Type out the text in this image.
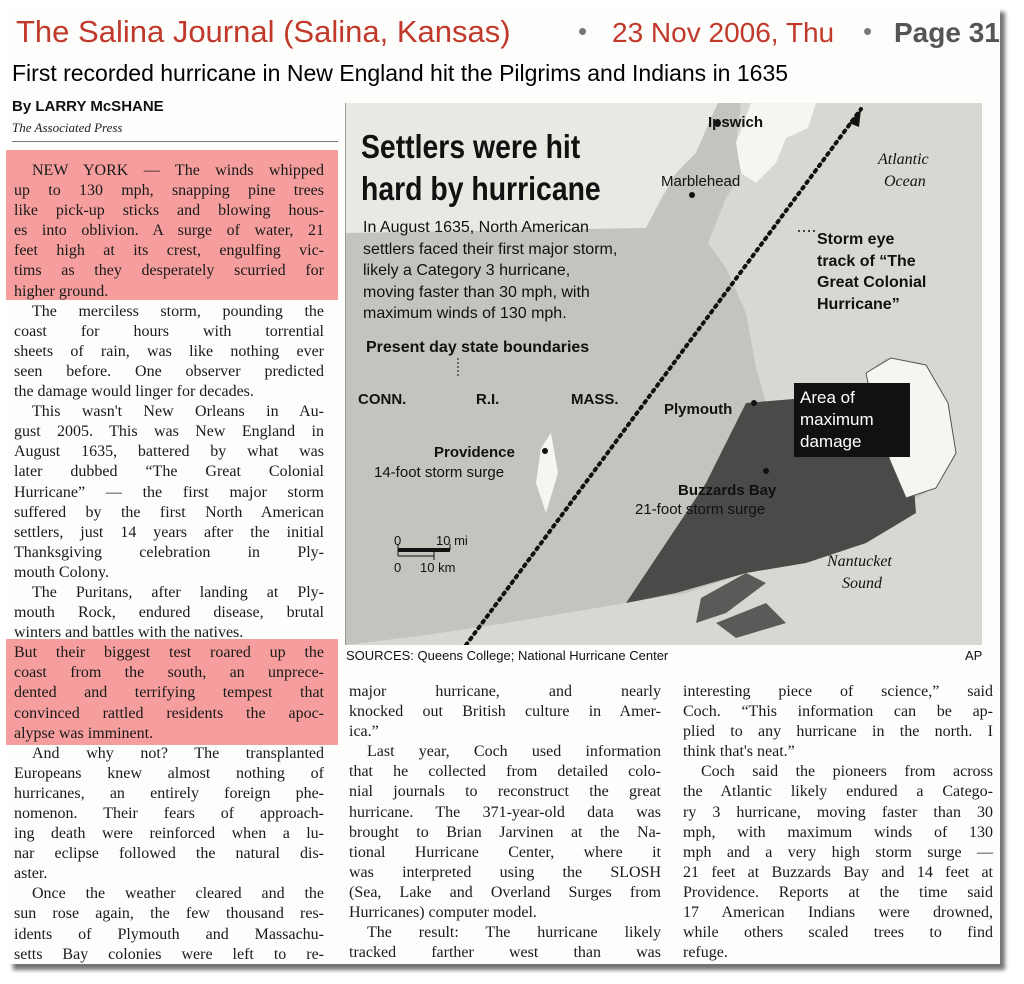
The Salina Journal (Salina, Kansas)	• 23 Nov 2006, Thu • Page 31
First recorded hurricane in New England hit the Pilgrims and Indians in 1635
By LARRY McSHANE
The Associated Press
NEW YORK — The winds whipped
up to 130 mph, snapping pine trees
like pick-up sticks and blowing hous-
es into oblivion. A surge of water, 21
feet high at its crest, engulfing vic-
tims as they desperately scurried for
higher ground.
The merciless storm, pounding the
coast for hours with torrential
sheets of rain, was like nothing ever
seen before. One observer predicted
the damage would linger for decades.
This wasn't New Orleans in Au-
gust 2005. This was New England in
August 1635, battered by what was
later dubbed “The Great Colonial
Hurricane” — the first major storm
suffered by the first North American
settlers, just 14 years after the initial
Thanksgiving celebration in Ply-
mouth Colony.
The Puritans, after landing at Ply-
mouth Rock, endured disease, brutal
winters and battles with the natives.
But their biggest test roared up the
coast from the south, an unprece-
dented and terrifying tempest that
convinced rattled residents the apoc-
alypse was imminent.
And why not? The transplanted
Europeans knew almost nothing of
hurricanes, an entirely foreign phe-
nomenon. Their fears of approach-
ing death were reinforced when a lu-
nar eclipse followed the natural dis-
aster.
Once the weather cleared and the
sun rose again, the few thousand res-
idents of Plymouth and Massachu-
setts Bay colonies were left to re-
major hurricane, and nearly
knocked out British culture in Amer-
ica.”
Last year, Coch used information
that he collected from detailed colo-
nial journals to reconstruct the great
hurricane. The 371-year-old data was
brought to Brian Jarvinen at the Na-
tional Hurricane Center, where it
was interpreted using the SLOSH
(Sea, Lake and Overland Surges from
Hurricanes) computer model.
The result: The hurricane likely
tracked farther west than was
interesting piece of science,” said
Coch. “This information can be ap-
plied to any hurricane in the north. I
think that's neat.”
Coch said the pioneers from across
the Atlantic likely endured a Catego-
ry 3 hurricane, moving faster than 30
mph, with maximum winds of 130
mph and a very high storm surge —
21 feet at Buzzards Bay and 14 feet at
Providence. Reports at the time said
17 American Indians were drowned,
while others scaled trees to find
refuge.
Settlers were hit
hard by hurricane
In August 1635, North American
settlers faced their first major storm,
likely a Category 3 hurricane,
moving faster than 30 mph, with
maximum winds of 130 mph.
Present day state boundaries
CONN.	R.I.	MASS.
Ipswich
Marblehead
Plymouth
Providence
14-foot storm surge
Buzzards Bay
21-foot storm surge
Atlantic
Ocean
Nantucket
Sound
Storm eye
track of “The
Great Colonial
Hurricane”
Area of
maximum
damage
0	10 mi
0 10 km
SOURCES: Queens College; National Hurricane Center	AP
